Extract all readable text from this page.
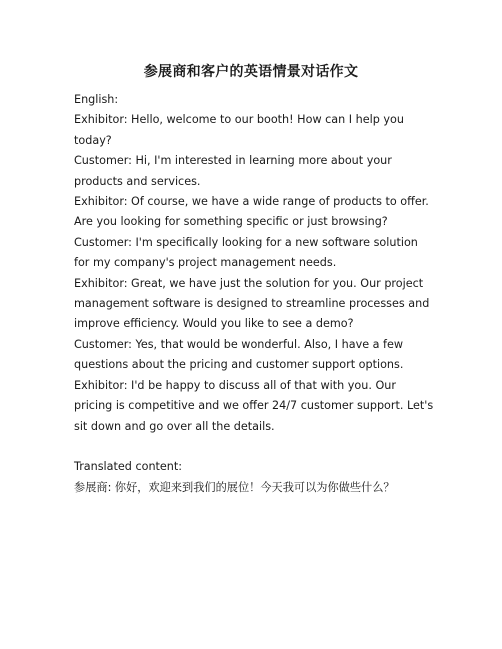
参展商和客户的英语情景对话作文

English:

Exhibitor: Hello, welcome to our booth! How can I help you today?

Customer: Hi, I'm interested in learning more about your products and services.

Exhibitor: Of course, we have a wide range of products to offer. Are you looking for something specific or just browsing?

Customer: I'm specifically looking for a new software solution for my company's project management needs.

Exhibitor: Great, we have just the solution for you. Our project management software is designed to streamline processes and improve efficiency. Would you like to see a demo?

Customer: Yes, that would be wonderful. Also, I have a few questions about the pricing and customer support options.

Exhibitor: I'd be happy to discuss all of that with you. Our pricing is competitive and we offer 24/7 customer support. Let's sit down and go over all the details.

Translated content:

参展商: 你好，欢迎来到我们的展位！今天我可以为你做些什么？
